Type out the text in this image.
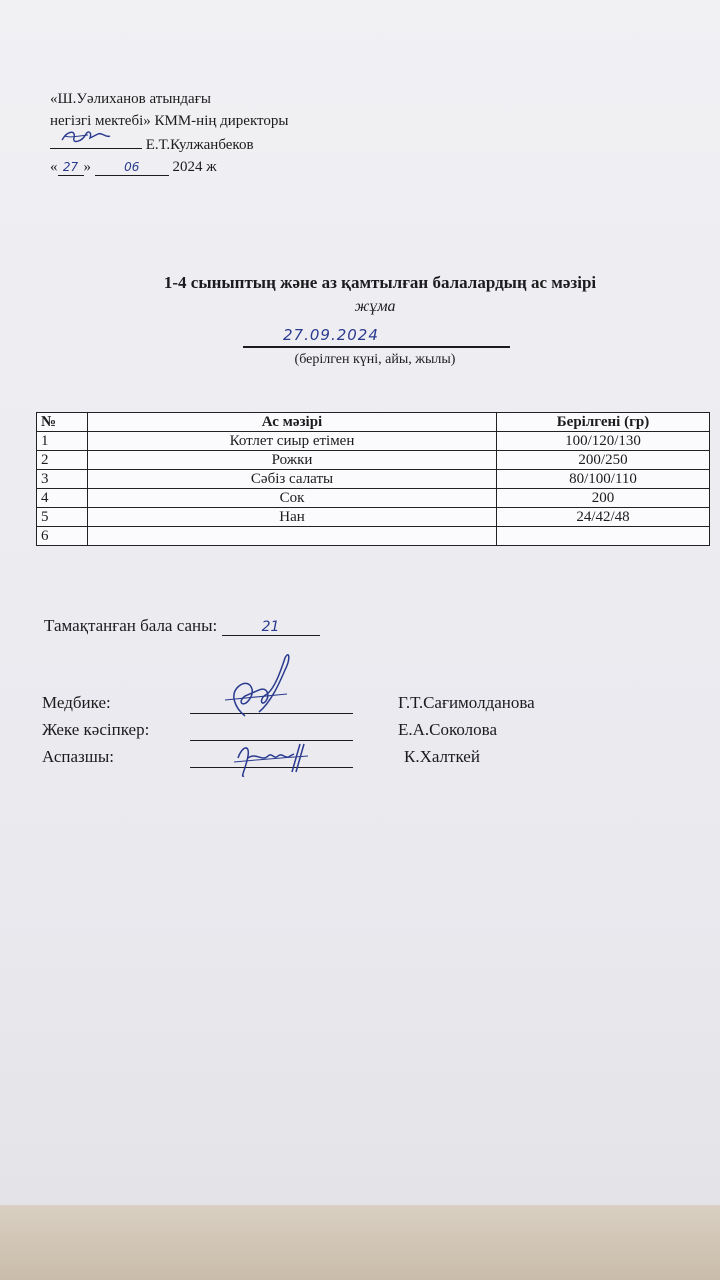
«Ш.Уәлиханов атындағы
негізгі мектебі» КММ-нің директоры
Е.Т.Кулжанбеков
« 27 »	06 2024 ж
1-4 сыныптың және аз қамтылған балалардың ас мәзірі
жұма
27.09.2024
(берілген күні, айы, жылы)
№	Ас мәзірі	Берілгені (гр)
1	Котлет сиыр етімен	100/120/130
2	Рожки	200/250
3	Сәбіз салаты	80/100/110
4	Сок	200
5	Нан	24/42/48
6		
Тамақтанған бала саны:	21
Медбике:	Г.Т.Сағимолданова
Жеке кәсіпкер:	Е.А.Соколова
Аспазшы:	К.Халткей
